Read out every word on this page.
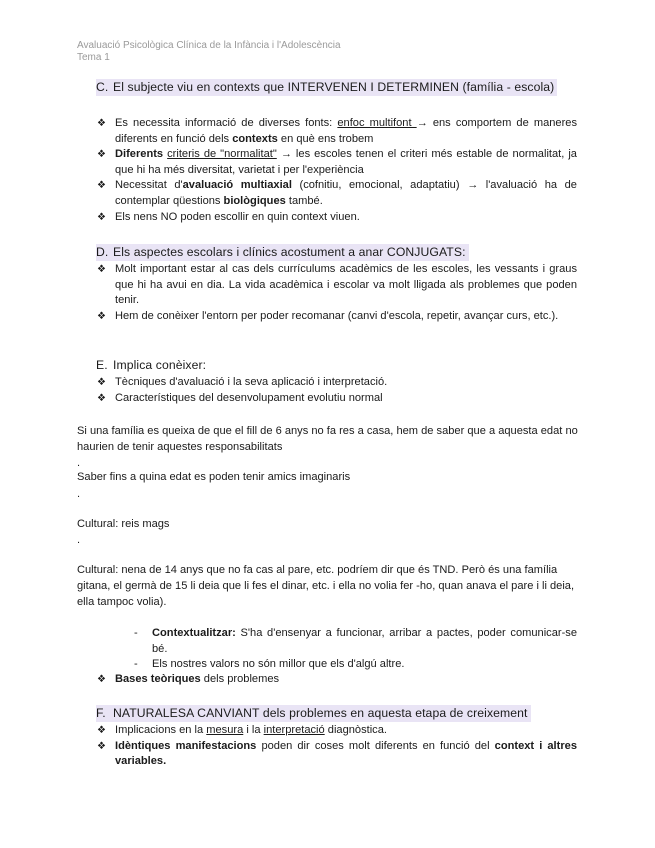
Avaluació Psicològica Clínica de la Infància i l'Adolescència
Tema 1
C. El subjecte viu en contexts que INTERVENEN I DETERMINEN (família - escola)
❖ Es necessita informació de diverses fonts: enfoc multifont → ens comportem de maneres diferents en funció dels contexts en què ens trobem
❖ Diferents criteris de "normalitat" → les escoles tenen el criteri més estable de normalitat, ja que hi ha més diversitat, varietat i per l'experiència
❖ Necessitat d'avaluació multiaxial (cofnitiu, emocional, adaptatiu) → l'avaluació ha de contemplar qüestions biològiques també.
❖ Els nens NO poden escollir en quin context viuen.
D. Els aspectes escolars i clínics acostument a anar CONJUGATS:
❖ Molt important estar al cas dels currículums acadèmics de les escoles, les vessants i graus que hi ha avui en dia. La vida acadèmica i escolar va molt lligada als problemes que poden tenir.
❖ Hem de conèixer l'entorn per poder recomanar (canvi d'escola, repetir, avançar curs, etc.).
E. Implica conèixer:
❖ Tècniques d'avaluació i la seva aplicació i interpretació.
❖ Característiques del desenvolupament evolutiu normal
Si una família es queixa de que el fill de 6 anys no fa res a casa, hem de saber que a aquesta edat no haurien de tenir aquestes responsabilitats
.
Saber fins a quina edat es poden tenir amics imaginaris
.
Cultural: reis mags
.
Cultural: nena de 14 anys que no fa cas al pare, etc. podríem dir que és TND. Però és una família gitana, el germà de 15 li deia que li fes el dinar, etc. i ella no volia fer -ho, quan anava el pare i li deia, ella tampoc volia).
- Contextualitzar: S'ha d'ensenyar a funcionar, arribar a pactes, poder comunicar-se bé.
- Els nostres valors no són millor que els d'algú altre.
❖ Bases teòriques dels problemes
F. NATURALESA CANVIANT dels problemes en aquesta etapa de creixement
❖ Implicacions en la mesura i la interpretació diagnòstica.
❖ Idèntiques manifestacions poden dir coses molt diferents en funció del context i altres variables.
